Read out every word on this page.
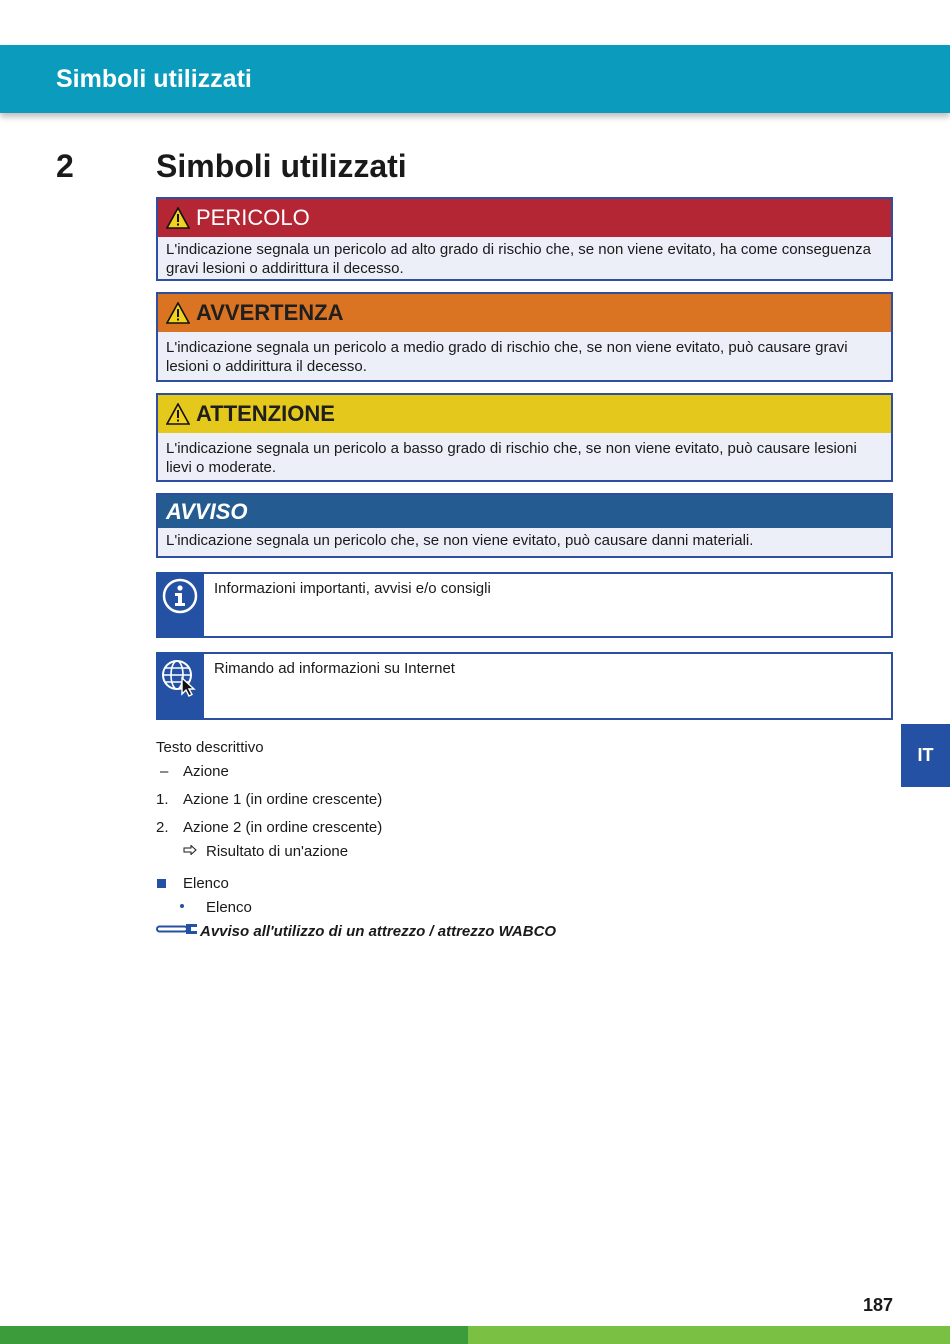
Simboli utilizzati
2	Simboli utilizzati
PERICOLO
L'indicazione segnala un pericolo ad alto grado di rischio che, se non viene evitato, ha come conseguenza gravi lesioni o addirittura il decesso.
AVVERTENZA
L'indicazione segnala un pericolo a medio grado di rischio che, se non viene evitato, può causare gravi lesioni o addirittura il decesso.
ATTENZIONE
L'indicazione segnala un pericolo a basso grado di rischio che, se non viene evitato, può causare lesioni lievi o moderate.
AVVISO
L'indicazione segnala un pericolo che, se non viene evitato, può causare danni materiali.
Informazioni importanti, avvisi e/o consigli
Rimando ad informazioni su Internet
Testo descrittivo
– Azione
1. Azione 1 (in ordine crescente)
2. Azione 2 (in ordine crescente)
Risultato di un'azione
Elenco
Elenco
Avviso all'utilizzo di un attrezzo / attrezzo WABCO
IT
187
